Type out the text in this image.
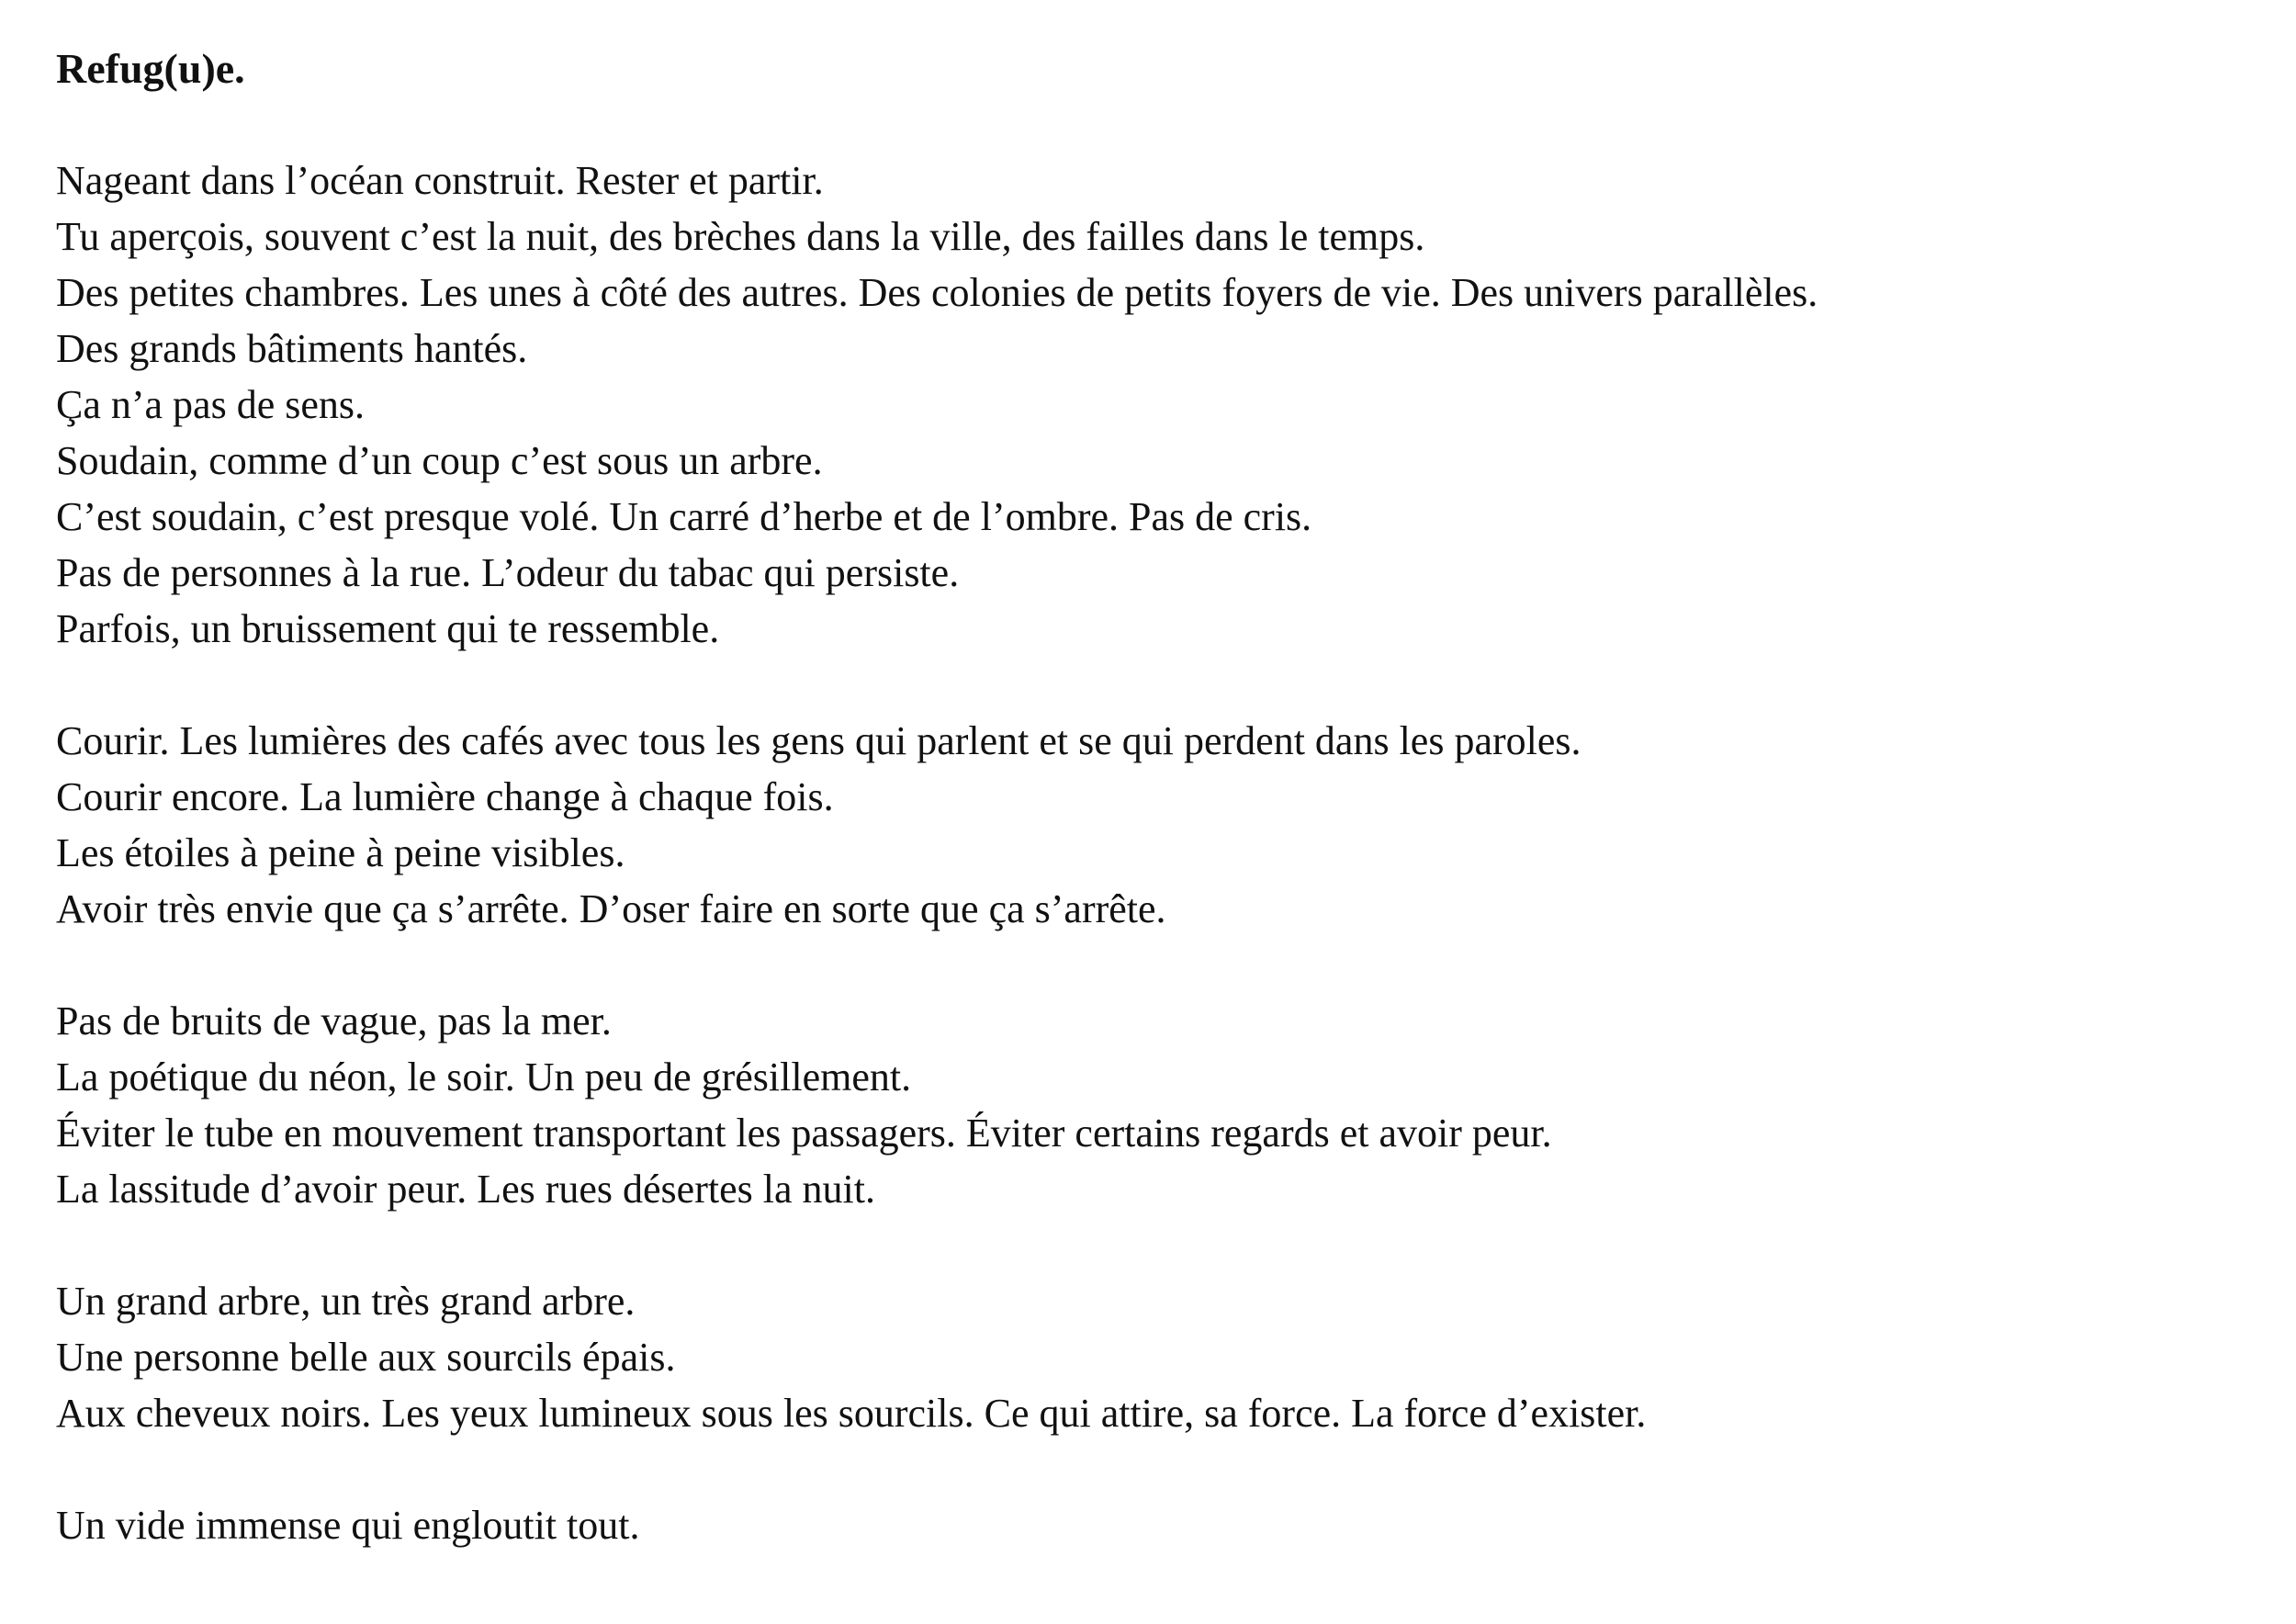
Refug(u)e.
Nageant dans l’océan construit. Rester et partir.
Tu aperçois, souvent c’est la nuit, des brèches dans la ville, des failles dans le temps.
Des petites chambres. Les unes à côté des autres. Des colonies de petits foyers de vie. Des univers parallèles.
Des grands bâtiments hantés.
Ça n’a pas de sens.
Soudain, comme d’un coup c’est sous un arbre.
C’est soudain, c’est presque volé. Un carré d’herbe et de l’ombre. Pas de cris.
Pas de personnes à la rue. L’odeur du tabac qui persiste.
Parfois, un bruissement qui te ressemble.
Courir. Les lumières des cafés avec tous les gens qui parlent et se qui perdent dans les paroles.
Courir encore. La lumière change à chaque fois.
Les étoiles à peine à peine visibles.
Avoir très envie que ça s’arrête. D’oser faire en sorte que ça s’arrête.
Pas de bruits de vague, pas la mer.
La poétique du néon, le soir. Un peu de grésillement.
Éviter le tube en mouvement transportant les passagers. Éviter certains regards et avoir peur.
La lassitude d’avoir peur. Les rues désertes la nuit.
Un grand arbre, un très grand arbre.
Une personne belle aux sourcils épais.
Aux cheveux noirs. Les yeux lumineux sous les sourcils. Ce qui attire, sa force. La force d’exister.
Un vide immense qui engloutit tout.
